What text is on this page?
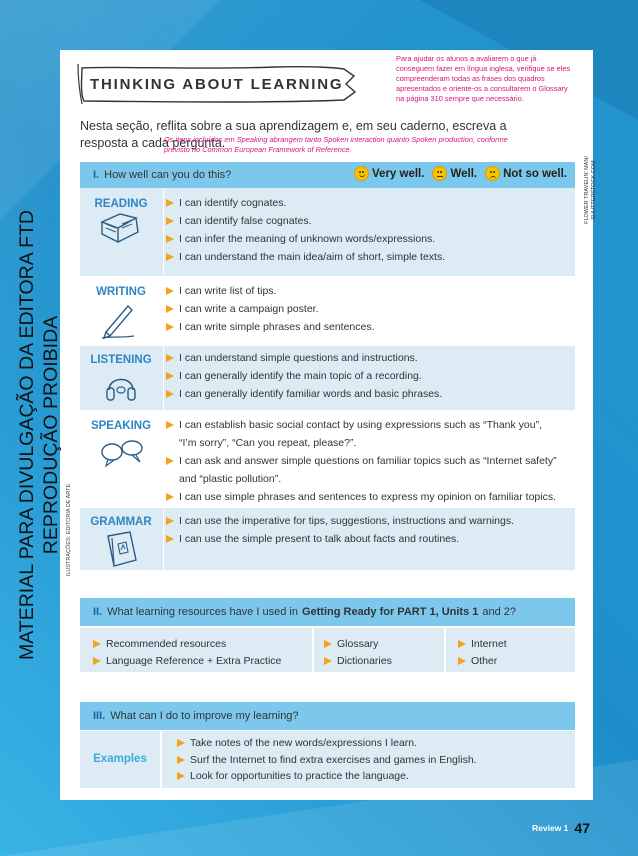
MATERIAL PARA DIVULGAÇÃO DA EDITORA FTD REPRODUÇÃO PROIBIDA ILUSTRAÇÕES: EDITORIA DE ARTE
FLOWER TRAVELIN' MAN/ SHUTTERSTOCK.COM
THINKING ABOUT LEARNING
Para ajudar os alunos a avaliarem o que já conseguem fazer em língua inglesa, verifique se eles compreenderam todas as frases dos quadros apresentados e oriente-os a consultarem o Glossary na página 310 sempre que necessário.
Nesta seção, reflita sobre a sua aprendizagem e, em seu caderno, escreva a resposta a cada pergunta.
Os itens incluídos em Speaking abrangem tanto Spoken interaction quanto Spoken production, conforme previsto no Common European Framework of Reference.
I. How well can you do this?	Very well. Well. Not so well.
READING	I can identify cognates.
I can identify false cognates.
I can infer the meaning of unknown words/expressions.
I can understand the main idea/aim of short, simple texts.
WRITING	I can write list of tips.
I can write a campaign poster.
I can write simple phrases and sentences.
LISTENING	I can understand simple questions and instructions.
I can generally identify the main topic of a recording.
I can generally identify familiar words and basic phrases.
SPEAKING	I can establish basic social contact by using expressions such as “Thank you”,
“I’m sorry”, “Can you repeat, please?”.
I can ask and answer simple questions on familiar topics such as “Internet safety”
and “plastic pollution”.
I can use simple phrases and sentences to express my opinion on familiar topics.
GRAMMAR	I can use the imperative for tips, suggestions, instructions and warnings.
I can use the simple present to talk about facts and routines.
II. What learning resources have I used in Getting Ready for PART 1, Units 1 and 2?
Recommended resources
Language Reference + Extra Practice
Glossary
Dictionaries
Internet
Other
III. What can I do to improve my learning?
Examples
Take notes of the new words/expressions I learn.
Surf the Internet to find extra exercises and games in English.
Look for opportunities to practice the language.
Review 1 47
